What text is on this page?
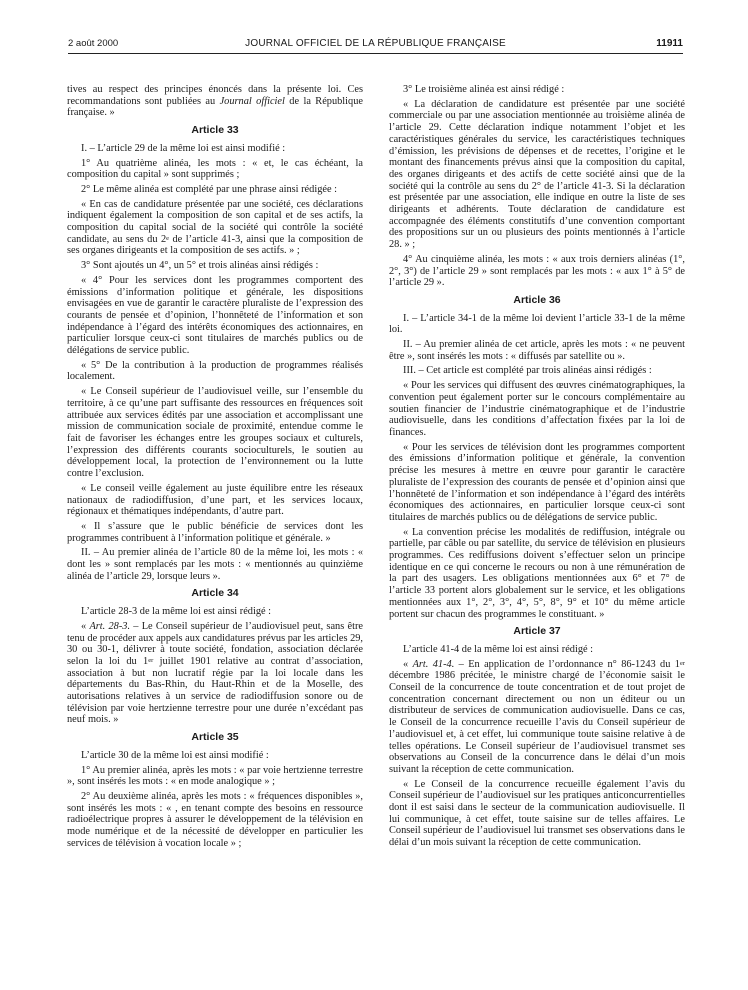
2 août 2000	JOURNAL OFFICIEL DE LA RÉPUBLIQUE FRANÇAISE	11911

tives au respect des principes énoncés dans la présente loi. Ces recommandations sont publiées au Journal officiel de la République française. »

Article 33

I. – L’article 29 de la même loi est ainsi modifié :

1° Au quatrième alinéa, les mots : « et, le cas échéant, la composition du capital » sont supprimés ;

2° Le même alinéa est complété par une phrase ainsi rédigée :

« En cas de candidature présentée par une société, ces déclarations indiquent également la composition de son capital et de ses actifs, la composition du capital social de la société qui contrôle la société candidate, au sens du 2e de l’article 41-3, ainsi que la composition de ses organes dirigeants et la composition de ses actifs. » ;

3° Sont ajoutés un 4°, un 5° et trois alinéas ainsi rédigés :

« 4° Pour les services dont les programmes comportent des émissions d’information politique et générale, les dispositions envisagées en vue de garantir le caractère pluraliste de l’expression des courants de pensée et d’opinion, l’honnêteté de l’information et son indépendance à l’égard des intérêts économiques des actionnaires, en particulier lorsque ceux-ci sont titulaires de marchés publics ou de délégations de service public.

« 5° De la contribution à la production de programmes réalisés localement.

« Le Conseil supérieur de l’audiovisuel veille, sur l’ensemble du territoire, à ce qu’une part suffisante des ressources en fréquences soit attribuée aux services édités par une association et accomplissant une mission de communication sociale de proximité, entendue comme le fait de favoriser les échanges entre les groupes sociaux et culturels, l’expression des différents courants socioculturels, le soutien au développement local, la protection de l’environnement ou la lutte contre l’exclusion.

« Le conseil veille également au juste équilibre entre les réseaux nationaux de radiodiffusion, d’une part, et les services locaux, régionaux et thématiques indépendants, d’autre part.

« Il s’assure que le public bénéficie de services dont les programmes contribuent à l’information politique et générale. »

II. – Au premier alinéa de l’article 80 de la même loi, les mots : « dont les » sont remplacés par les mots : « mentionnés au quinzième alinéa de l’article 29, lorsque leurs ».

Article 34

L’article 28-3 de la même loi est ainsi rédigé :

« Art. 28-3. – Le Conseil supérieur de l’audiovisuel peut, sans être tenu de procéder aux appels aux candidatures prévus par les articles 29, 30 ou 30-1, délivrer à toute société, fondation, association déclarée selon la loi du 1er juillet 1901 relative au contrat d’association, association à but non lucratif régie par la loi locale dans les départements du Bas-Rhin, du Haut-Rhin et de la Moselle, des autorisations relatives à un service de radiodiffusion sonore ou de télévision par voie hertzienne terrestre pour une durée n’excédant pas neuf mois. »

Article 35

L’article 30 de la même loi est ainsi modifié :

1° Au premier alinéa, après les mots : « par voie hertzienne terrestre », sont insérés les mots : « en mode analogique » ;

2° Au deuxième alinéa, après les mots : « fréquences disponibles », sont insérés les mots : « , en tenant compte des besoins en ressource radioélectrique propres à assurer le développement de la télévision en mode numérique et de la nécessité de développer en particulier les services de télévision à vocation locale » ;

3° Le troisième alinéa est ainsi rédigé :

« La déclaration de candidature est présentée par une société commerciale ou par une association mentionnée au troisième alinéa de l’article 29. Cette déclaration indique notamment l’objet et les caractéristiques générales du service, les caractéristiques techniques d’émission, les prévisions de dépenses et de recettes, l’origine et le montant des financements prévus ainsi que la composition du capital, des organes dirigeants et des actifs de cette société ainsi que de la société qui la contrôle au sens du 2° de l’article 41-3. Si la déclaration est présentée par une association, elle indique en outre la liste de ses dirigeants et adhérents. Toute déclaration de candidature est accompagnée des éléments constitutifs d’une convention comportant des propositions sur un ou plusieurs des points mentionnés à l’article 28. » ;

4° Au cinquième alinéa, les mots : « aux trois derniers alinéas (1°, 2°, 3°) de l’article 29 » sont remplacés par les mots : « aux 1° à 5° de l’article 29 ».

Article 36

I. – L’article 34-1 de la même loi devient l’article 33-1 de la même loi.

II. – Au premier alinéa de cet article, après les mots : « ne peuvent être », sont insérés les mots : « diffusés par satellite ou ».

III. – Cet article est complété par trois alinéas ainsi rédigés :

« Pour les services qui diffusent des œuvres cinématographiques, la convention peut également porter sur le concours complémentaire au soutien financier de l’industrie cinématographique et de l’industrie audiovisuelle, dans les conditions d’affectation fixées par la loi de finances.

« Pour les services de télévision dont les programmes comportent des émissions d’information politique et générale, la convention précise les mesures à mettre en œuvre pour garantir le caractère pluraliste de l’expression des courants de pensée et d’opinion ainsi que l’honnêteté de l’information et son indépendance à l’égard des intérêts économiques des actionnaires, en particulier lorsque ceux-ci sont titulaires de marchés publics ou de délégations de service public.

« La convention précise les modalités de rediffusion, intégrale ou partielle, par câble ou par satellite, du service de télévision en plusieurs programmes. Ces rediffusions doivent s’effectuer selon un principe identique en ce qui concerne le recours ou non à une rémunération de la part des usagers. Les obligations mentionnées aux 6° et 7° de l’article 33 portent alors globalement sur le service, et les obligations mentionnées aux 1°, 2°, 3°, 4°, 5°, 8°, 9° et 10° du même article portent sur chacun des programmes le constituant. »

Article 37

L’article 41-4 de la même loi est ainsi rédigé :

« Art. 41-4. – En application de l’ordonnance n° 86-1243 du 1er décembre 1986 précitée, le ministre chargé de l’économie saisit le Conseil de la concurrence de toute concentration et de tout projet de concentration concernant directement ou non un éditeur ou un distributeur de services de communication audiovisuelle. Dans ce cas, le Conseil de la concurrence recueille l’avis du Conseil supérieur de l’audiovisuel et, à cet effet, lui communique toute saisine relative à de telles opérations. Le Conseil supérieur de l’audiovisuel transmet ses observations au Conseil de la concurrence dans le délai d’un mois suivant la réception de cette communication.

« Le Conseil de la concurrence recueille également l’avis du Conseil supérieur de l’audiovisuel sur les pratiques anticoncurrentielles dont il est saisi dans le secteur de la communication audiovisuelle. Il lui communique, à cet effet, toute saisine sur de telles affaires. Le Conseil supérieur de l’audiovisuel lui transmet ses observations dans le délai d’un mois suivant la réception de cette communication.
